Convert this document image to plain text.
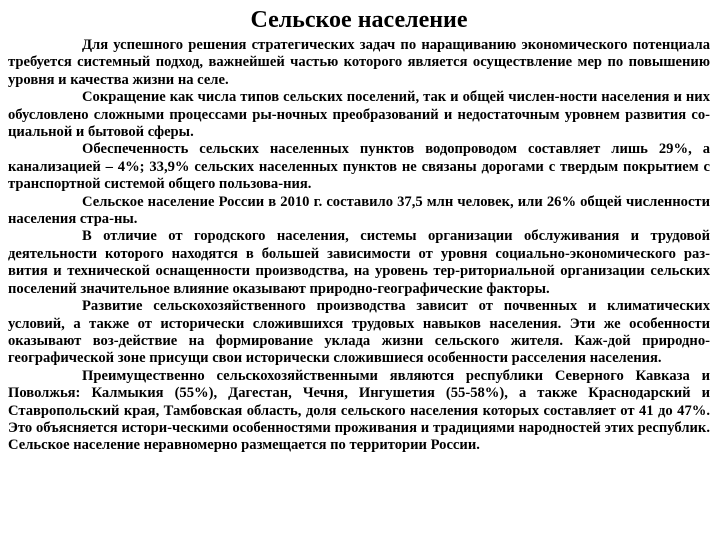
Сельское население

Для успешного решения стратегических задач по наращиванию экономического потенциала требуется системный подход, важнейшей частью которого является осуществление мер по повышению уровня и качества жизни на селе.

Сокращение как числа типов сельских поселений, так и общей числен-ности населения и них обусловлено сложными процессами ры-ночных преобразований и недостаточным уровнем развития со-циальной и бытовой сферы.

Обеспеченность сельских населенных пунктов водопроводом составляет лишь 29%, а канализацией – 4%; 33,9% сельских населенных пунктов не связаны дорогами с твердым покрытием с транспортной системой общего пользова-ния.

Сельское население России в 2010 г. составило 37,5 млн человек, или 26% общей численности населения стра-ны.

В отличие от городского населения, системы организации обслуживания и трудовой деятельности которого находятся в большей зависимости от уровня социально-экономического раз-вития и технической оснащенности производства, на уровень тер-риториальной организации сельских поселений значительное влияние оказывают природно-географические факторы.

Развитие сельскохозяйственного производства зависит от почвенных и климатических условий, а также от исторически сложившихся трудовых навыков населения. Эти же особенности оказывают воз-действие на формирование уклада жизни сельского жителя. Каж-дой природно-географической зоне присущи свои исторически сложившиеся особенности расселения населения.

Преимущественно сельскохозяйственными являются республики Северного Кавказа и Поволжья: Калмыкия (55%), Дагестан, Чечня, Ингушетия (55-58%), а также Краснодарский и Ставропольский края, Тамбовская область, доля сельского населения которых составляет от 41 до 47%. Это объясняется истори-ческими особенностями проживания и традициями народностей этих республик. Сельское население неравномерно размещается по территории России.
